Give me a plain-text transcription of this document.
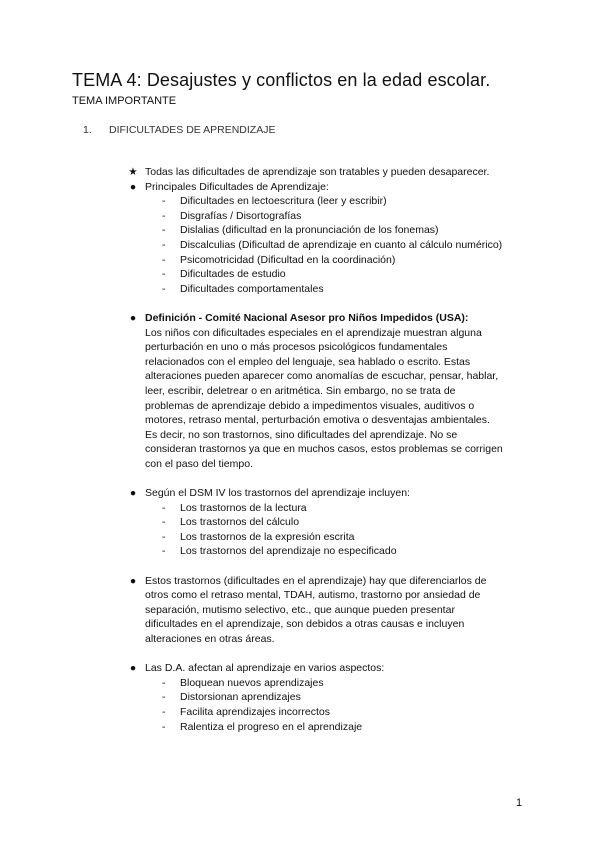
TEMA 4: Desajustes y conflictos en la edad escolar.
TEMA IMPORTANTE
1. DIFICULTADES DE APRENDIZAJE
★ Todas las dificultades de aprendizaje son tratables y pueden desaparecer.
● Principales Dificultades de Aprendizaje:
- Dificultades en lectoescritura (leer y escribir)
- Disgrafías / Disortografías
- Dislalias (dificultad en la pronunciación de los fonemas)
- Discalculias (Dificultad de aprendizaje en cuanto al cálculo numérico)
- Psicomotricidad (Dificultad en la coordinación)
- Dificultades de estudio
- Dificultades comportamentales
● Definición - Comité Nacional Asesor pro Niños Impedidos (USA):
Los niños con dificultades especiales en el aprendizaje muestran alguna
perturbación en uno o más procesos psicológicos fundamentales
relacionados con el empleo del lenguaje, sea hablado o escrito. Estas
alteraciones pueden aparecer como anomalías de escuchar, pensar, hablar,
leer, escribir, deletrear o en aritmética. Sin embargo, no se trata de
problemas de aprendizaje debido a impedimentos visuales, auditivos o
motores, retraso mental, perturbación emotiva o desventajas ambientales.
Es decir, no son trastornos, sino dificultades del aprendizaje. No se
consideran trastornos ya que en muchos casos, estos problemas se corrigen
con el paso del tiempo.
● Según el DSM IV los trastornos del aprendizaje incluyen:
- Los trastornos de la lectura
- Los trastornos del cálculo
- Los trastornos de la expresión escrita
- Los trastornos del aprendizaje no especificado
● Estos trastornos (dificultades en el aprendizaje) hay que diferenciarlos de
otros como el retraso mental, TDAH, autismo, trastorno por ansiedad de
separación, mutismo selectivo, etc., que aunque pueden presentar
dificultades en el aprendizaje, son debidos a otras causas e incluyen
alteraciones en otras áreas.
● Las D.A. afectan al aprendizaje en varios aspectos:
- Bloquean nuevos aprendizajes
- Distorsionan aprendizajes
- Facilita aprendizajes incorrectos
- Ralentiza el progreso en el aprendizaje
1
